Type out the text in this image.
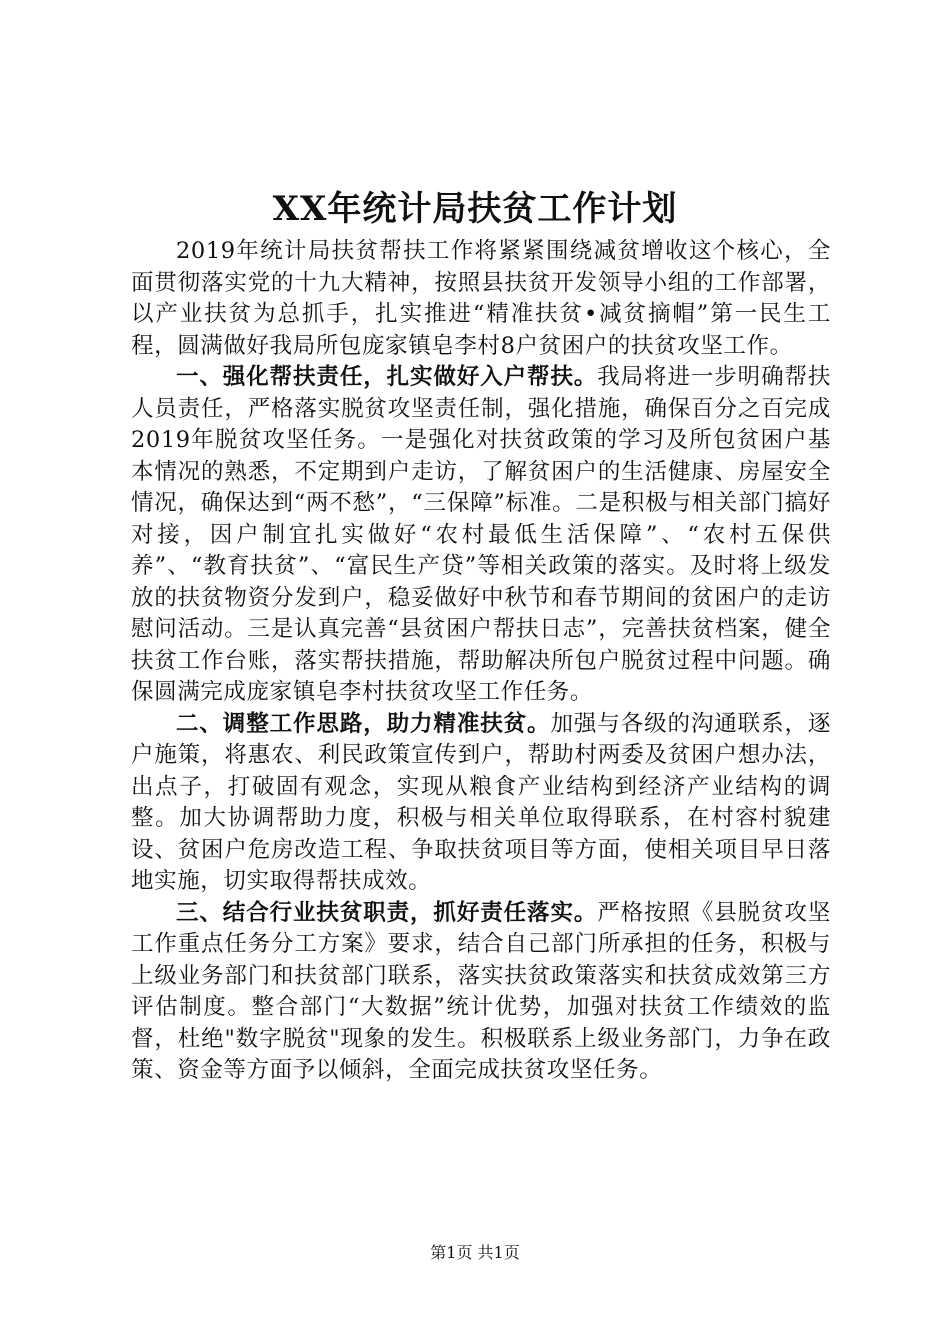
XX年统计局扶贫工作计划

2019年统计局扶贫帮扶工作将紧紧围绕减贫增收这个核心，全面贯彻落实党的十九大精神，按照县扶贫开发领导小组的工作部署，以产业扶贫为总抓手，扎实推进“精准扶贫•减贫摘帽”第一民生工程，圆满做好我局所包庞家镇皂李村8户贫困户的扶贫攻坚工作。

一、强化帮扶责任，扎实做好入户帮扶。我局将进一步明确帮扶人员责任，严格落实脱贫攻坚责任制，强化措施，确保百分之百完成2019年脱贫攻坚任务。一是强化对扶贫政策的学习及所包贫困户基本情况的熟悉，不定期到户走访，了解贫困户的生活健康、房屋安全情况，确保达到“两不愁”，“三保障”标准。二是积极与相关部门搞好对接，因户制宜扎实做好“农村最低生活保障”、“农村五保供养”、“教育扶贫”、“富民生产贷”等相关政策的落实。及时将上级发放的扶贫物资分发到户，稳妥做好中秋节和春节期间的贫困户的走访慰问活动。三是认真完善“县贫困户帮扶日志”，完善扶贫档案，健全扶贫工作台账，落实帮扶措施，帮助解决所包户脱贫过程中问题。确保圆满完成庞家镇皂李村扶贫攻坚工作任务。

二、调整工作思路，助力精准扶贫。加强与各级的沟通联系，逐户施策，将惠农、利民政策宣传到户，帮助村两委及贫困户想办法，出点子，打破固有观念，实现从粮食产业结构到经济产业结构的调整。加大协调帮助力度，积极与相关单位取得联系，在村容村貌建设、贫困户危房改造工程、争取扶贫项目等方面，使相关项目早日落地实施，切实取得帮扶成效。

三、结合行业扶贫职责，抓好责任落实。严格按照《县脱贫攻坚工作重点任务分工方案》要求，结合自己部门所承担的任务，积极与上级业务部门和扶贫部门联系，落实扶贫政策落实和扶贫成效第三方评估制度。整合部门“大数据”统计优势，加强对扶贫工作绩效的监督，杜绝"数字脱贫"现象的发生。积极联系上级业务部门，力争在政策、资金等方面予以倾斜，全面完成扶贫攻坚任务。

第1页 共1页
